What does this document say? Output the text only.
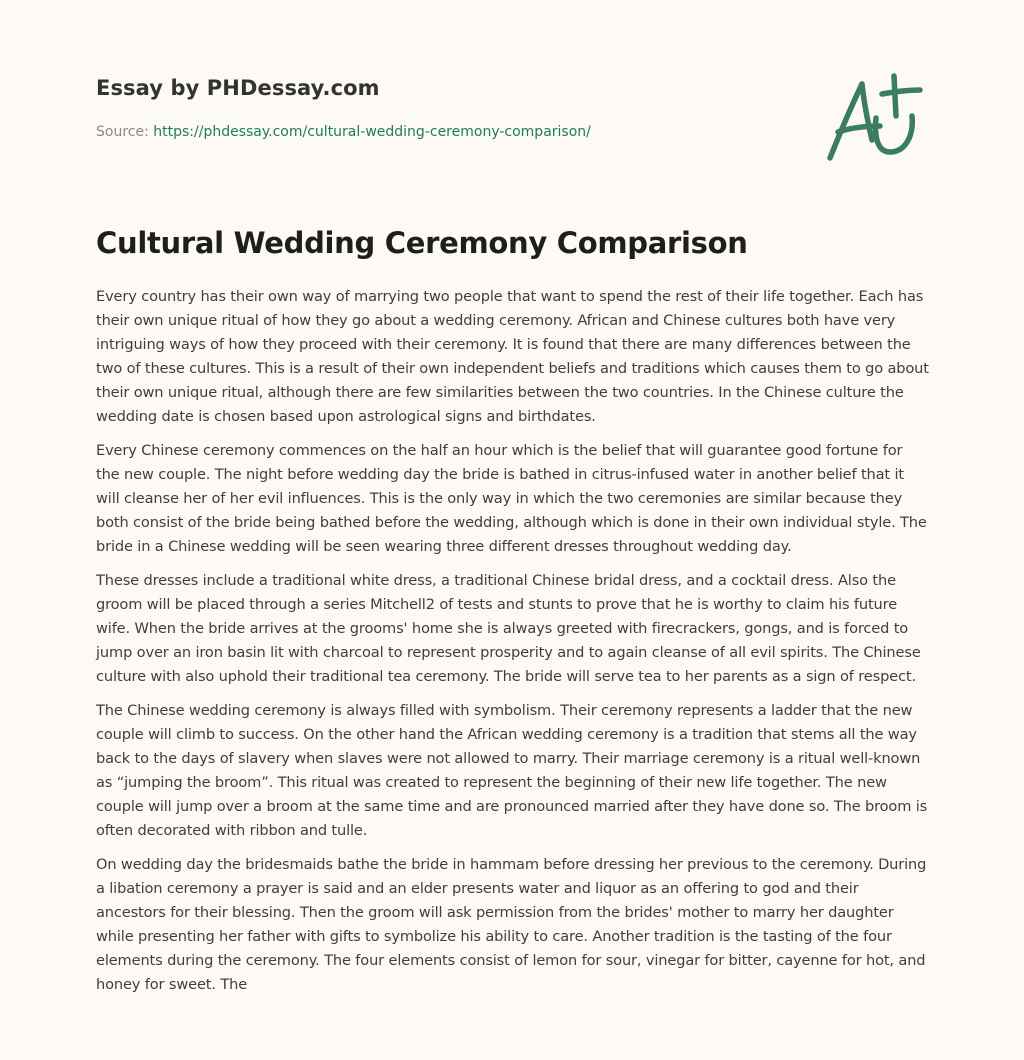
Essay by PHDessay.com
Source: https://phdessay.com/cultural-wedding-ceremony-comparison/
Cultural Wedding Ceremony Comparison

Every country has their own way of marrying two people that want to spend the rest of their life together. Each has their own unique ritual of how they go about a wedding ceremony. African and Chinese cultures both have very intriguing ways of how they proceed with their ceremony. It is found that there are many differences between the two of these cultures. This is a result of their own independent beliefs and traditions which causes them to go about their own unique ritual, although there are few similarities between the two countries. In the Chinese culture the wedding date is chosen based upon astrological signs and birthdates.

Every Chinese ceremony commences on the half an hour which is the belief that will guarantee good fortune for the new couple. The night before wedding day the bride is bathed in citrus-infused water in another belief that it will cleanse her of her evil influences. This is the only way in which the two ceremonies are similar because they both consist of the bride being bathed before the wedding, although which is done in their own individual style. The bride in a Chinese wedding will be seen wearing three different dresses throughout wedding day.

These dresses include a traditional white dress, a traditional Chinese bridal dress, and a cocktail dress. Also the groom will be placed through a series Mitchell2 of tests and stunts to prove that he is worthy to claim his future wife. When the bride arrives at the grooms' home she is always greeted with firecrackers, gongs, and is forced to jump over an iron basin lit with charcoal to represent prosperity and to again cleanse of all evil spirits. The Chinese culture with also uphold their traditional tea ceremony. The bride will serve tea to her parents as a sign of respect.

The Chinese wedding ceremony is always filled with symbolism. Their ceremony represents a ladder that the new couple will climb to success. On the other hand the African wedding ceremony is a tradition that stems all the way back to the days of slavery when slaves were not allowed to marry. Their marriage ceremony is a ritual well-known as “jumping the broom”. This ritual was created to represent the beginning of their new life together. The new couple will jump over a broom at the same time and are pronounced married after they have done so. The broom is often decorated with ribbon and tulle.

On wedding day the bridesmaids bathe the bride in hammam before dressing her previous to the ceremony. During a libation ceremony a prayer is said and an elder presents water and liquor as an offering to god and their ancestors for their blessing. Then the groom will ask permission from the brides' mother to marry her daughter while presenting her father with gifts to symbolize his ability to care. Another tradition is the tasting of the four elements during the ceremony. The four elements consist of lemon for sour, vinegar for bitter, cayenne for hot, and honey for sweet. The
